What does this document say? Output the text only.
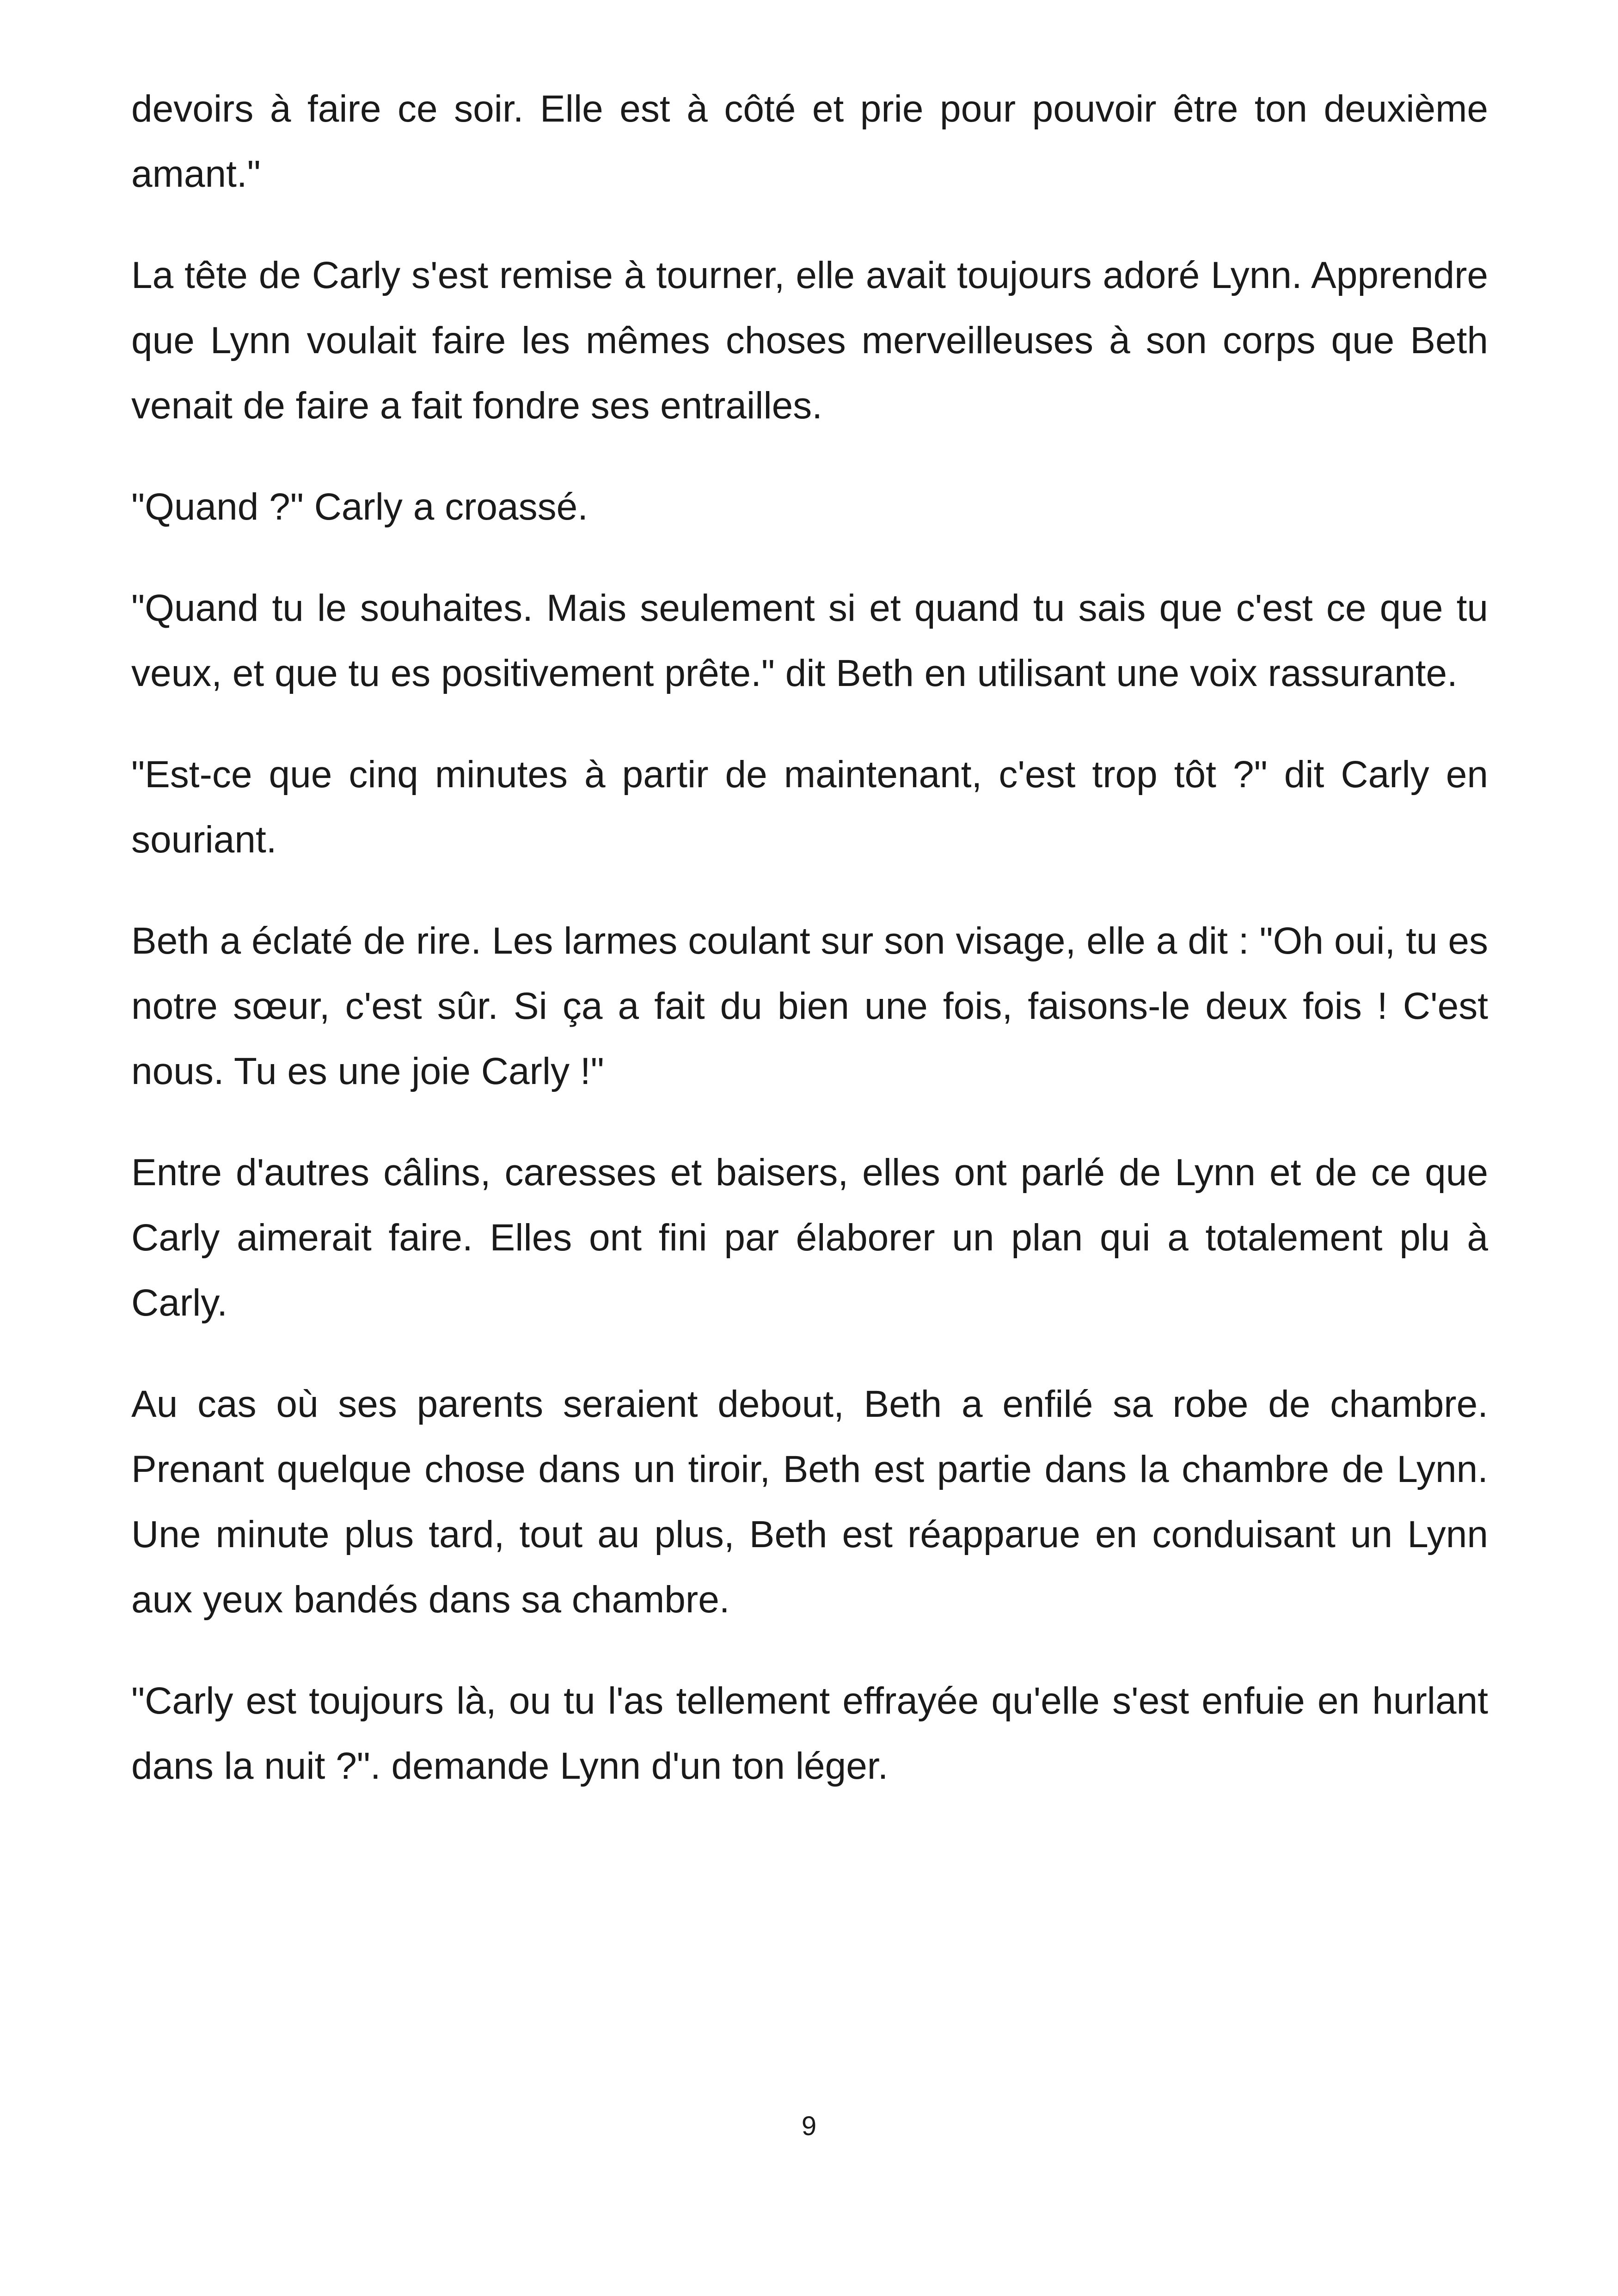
devoirs à faire ce soir. Elle est à côté et prie pour pouvoir être ton deuxième amant."

La tête de Carly s'est remise à tourner, elle avait toujours adoré Lynn. Apprendre que Lynn voulait faire les mêmes choses merveilleuses à son corps que Beth venait de faire a fait fondre ses entrailles.

"Quand ?" Carly a croassé.

"Quand tu le souhaites. Mais seulement si et quand tu sais que c'est ce que tu veux, et que tu es positivement prête." dit Beth en utilisant une voix rassurante.

"Est-ce que cinq minutes à partir de maintenant, c'est trop tôt ?" dit Carly en souriant.

Beth a éclaté de rire. Les larmes coulant sur son visage, elle a dit : "Oh oui, tu es notre sœur, c'est sûr. Si ça a fait du bien une fois, faisons-le deux fois ! C'est nous. Tu es une joie Carly !"

Entre d'autres câlins, caresses et baisers, elles ont parlé de Lynn et de ce que Carly aimerait faire. Elles ont fini par élaborer un plan qui a totalement plu à Carly.

Au cas où ses parents seraient debout, Beth a enfilé sa robe de chambre. Prenant quelque chose dans un tiroir, Beth est partie dans la chambre de Lynn. Une minute plus tard, tout au plus, Beth est réapparue en conduisant un Lynn aux yeux bandés dans sa chambre.

"Carly est toujours là, ou tu l'as tellement effrayée qu'elle s'est enfuie en hurlant dans la nuit ?". demande Lynn d'un ton léger.

9
